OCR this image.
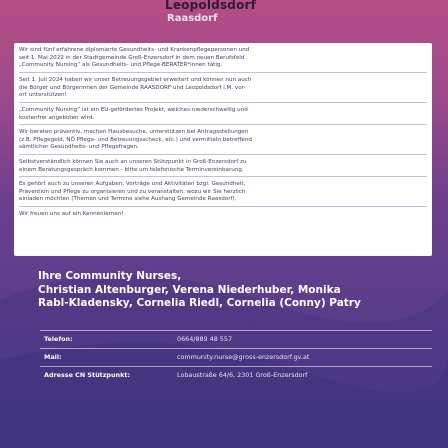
Leopoldsdorf
Raasdorf
Wir sind fünf erfahrene diplomierte Gesundheits- und Krankenpflegepersonen und
seit 1. Mai 2022 in der Stadtgemeinde Groß-Enzersdorf in dem neuen Berufsfeld
„Community Nursing“ als Gesundheits- und Pflege-BERATER*innen tätig.
Seit 1. Juli 2024 haben wir unser Betreuungsgebiet erweitert und können nun auch
die Bürger und Bürgerinnen der Gemeinde RAASDORF und Leopoldsdorf i.M. vor-
ort unterstützen!
„Community Nursing“ ist ein EU-gefördertes Projekt, welches niederschwellig und
kostenfrei angeboten wird.
Wir beraten präventiv, machen Hausbesuche, unterstützen bei Antragsstellungen
(z.B. Pflegegeld, NÖ Pflege- und Betreuungsscheck, etc.) und vermitteln betreffend
sämtlicher Gesundheits- und Pflegefragen.
Selbstverständlich können Sie auch an unseren Stützpunkt in Groß-Enzersdorf zu
einem Beratungsgespräch kommen - bitte um telefonische Terminvereinbarung.
Es gehört auch zu unseren Aufgaben, Vorträge und Aktivitäten bzgl. Gesundheit,
Prävention und Pflege zu organisieren und zu veranstalten, wozu wir Sie herzlich
einladen möchten (Themen und Termine siehe Aushang Gemeinde Raasdorf).
Wir freuen uns auf ein Kennenlernen!
Ihre Community Nurses,
Christian Altenburger, Verena Niederhuber, Monika
Rabl-Kladensky, Cornelia Riedl, Cornelia (Conny) Patry
Telefon:	0664/889 48 557
Mail:	community.nurse@gross-enzersdorf.gv.at
Adresse CN Stützpunkt:	Lobaustraße 64/6, 2301 Groß-Enzersdorf
